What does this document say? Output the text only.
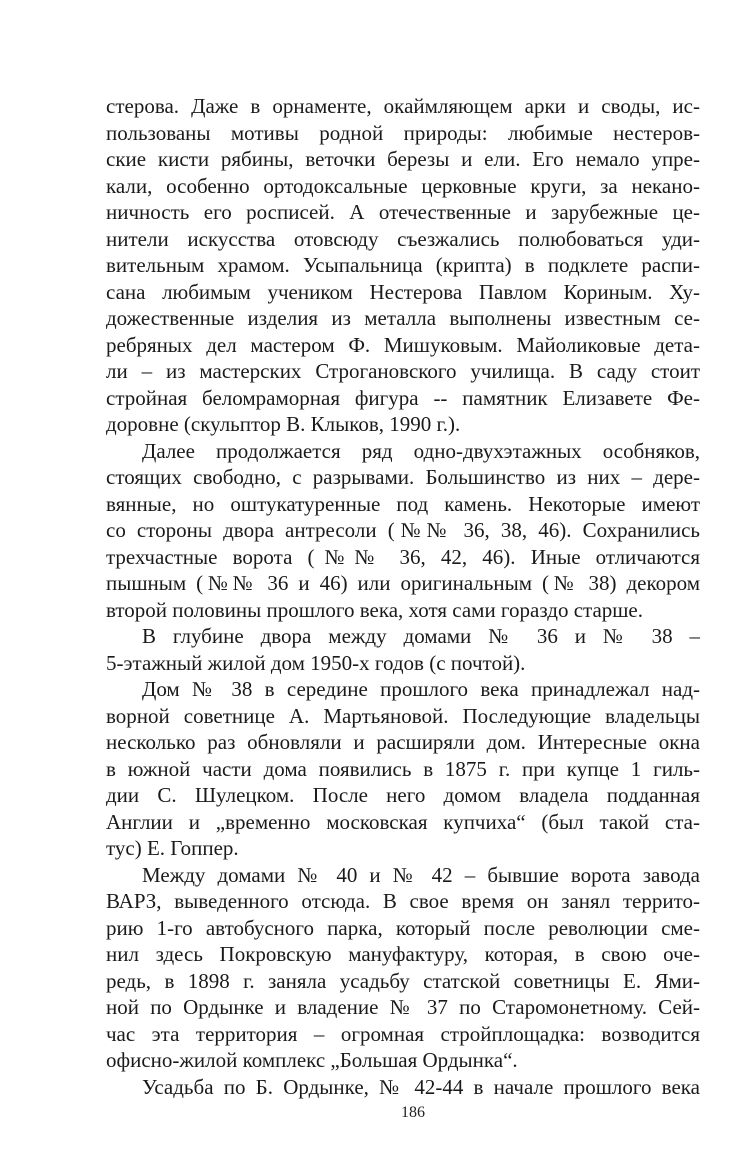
стерова. Даже в орнаменте, окаймляющем арки и своды, ис-
пользованы мотивы родной природы: любимые нестеров-
ские кисти рябины, веточки березы и ели. Его немало упре-
кали, особенно ортодоксальные церковные круги, за некано-
ничность его росписей. А отечественные и зарубежные це-
нители искусства отовсюду съезжались полюбоваться уди-
вительным храмом. Усыпальница (крипта) в подклете распи-
сана любимым учеником Нестерова Павлом Кориным. Ху-
дожественные изделия из металла выполнены известным се-
ребряных дел мастером Ф. Мишуковым. Майоликовые дета-
ли – из мастерских Строгановского училища. В саду стоит
стройная беломраморная фигура -- памятник Елизавете Фе-
доровне (скульптор В. Клыков, 1990 г.).
Далее продолжается ряд одно-двухэтажных особняков,
стоящих свободно, с разрывами. Большинство из них – дере-
вянные, но оштукатуренные под камень. Некоторые имеют
со стороны двора антресоли (№№ 36, 38, 46). Сохранились
трехчастные ворота (№№ 36, 42, 46). Иные отличаются
пышным (№№ 36 и 46) или оригинальным (№ 38) декором
второй половины прошлого века, хотя сами гораздо старше.
В глубине двора между домами № 36 и № 38 –
5-этажный жилой дом 1950-х годов (с почтой).
Дом № 38 в середине прошлого века принадлежал над-
ворной советнице А. Мартьяновой. Последующие владельцы
несколько раз обновляли и расширяли дом. Интересные окна
в южной части дома появились в 1875 г. при купце 1 гиль-
дии С. Шулецком. После него домом владела подданная
Англии и „временно московская купчиха“ (был такой ста-
тус) Е. Гоппер.
Между домами № 40 и № 42 – бывшие ворота завода
ВАРЗ, выведенного отсюда. В свое время он занял террито-
рию 1-го автобусного парка, который после революции сме-
нил здесь Покровскую мануфактуру, которая, в свою оче-
редь, в 1898 г. заняла усадьбу статской советницы Е. Ями-
ной по Ордынке и владение № 37 по Старомонетному. Сей-
час эта территория – огромная стройплощадка: возводится
офисно-жилой комплекс „Большая Ордынка“.
Усадьба по Б. Ордынке, № 42-44 в начале прошлого века
186
